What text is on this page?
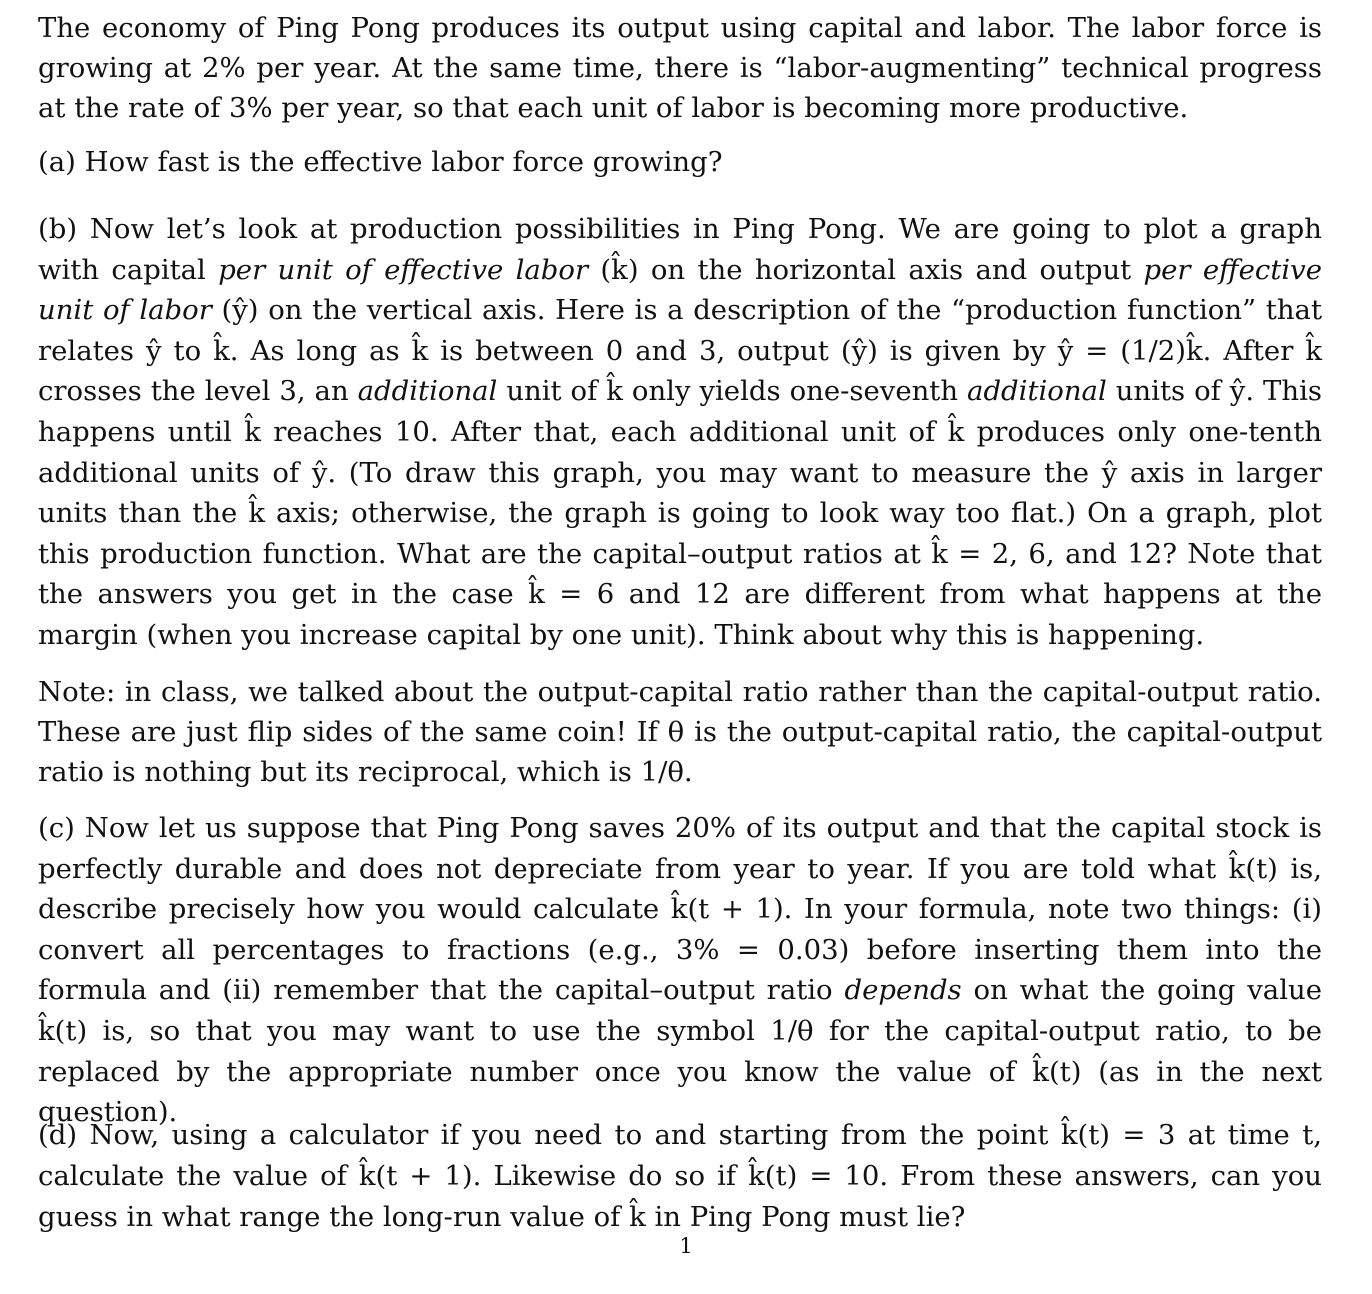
The economy of Ping Pong produces its output using capital and labor. The labor force is growing at 2% per year. At the same time, there is “labor-augmenting” technical progress at the rate of 3% per year, so that each unit of labor is becoming more productive.

(a) How fast is the effective labor force growing?

(b) Now let’s look at production possibilities in Ping Pong. We are going to plot a graph with capital per unit of effective labor (k̂) on the horizontal axis and output per effective unit of labor (ŷ) on the vertical axis. Here is a description of the “production function” that relates ŷ to k̂. As long as k̂ is between 0 and 3, output (ŷ) is given by ŷ = (1/2)k̂. After k̂ crosses the level 3, an additional unit of k̂ only yields one-seventh additional units of ŷ. This happens until k̂ reaches 10. After that, each additional unit of k̂ produces only one-tenth additional units of ŷ. (To draw this graph, you may want to measure the ŷ axis in larger units than the k̂ axis; otherwise, the graph is going to look way too flat.) On a graph, plot this production function. What are the capital–output ratios at k̂ = 2, 6, and 12? Note that the answers you get in the case k̂ = 6 and 12 are different from what happens at the margin (when you increase capital by one unit). Think about why this is happening.

Note: in class, we talked about the output-capital ratio rather than the capital-output ratio. These are just flip sides of the same coin! If θ is the output-capital ratio, the capital-output ratio is nothing but its reciprocal, which is 1/θ.

(c) Now let us suppose that Ping Pong saves 20% of its output and that the capital stock is perfectly durable and does not depreciate from year to year. If you are told what k̂(t) is, describe precisely how you would calculate k̂(t + 1). In your formula, note two things: (i) convert all percentages to fractions (e.g., 3% = 0.03) before inserting them into the formula and (ii) remember that the capital–output ratio depends on what the going value k̂(t) is, so that you may want to use the symbol 1/θ for the capital-output ratio, to be replaced by the appropriate number once you know the value of k̂(t) (as in the next question).

(d) Now, using a calculator if you need to and starting from the point k̂(t) = 3 at time t, calculate the value of k̂(t + 1). Likewise do so if k̂(t) = 10. From these answers, can you guess in what range the long-run value of k̂ in Ping Pong must lie?

1
